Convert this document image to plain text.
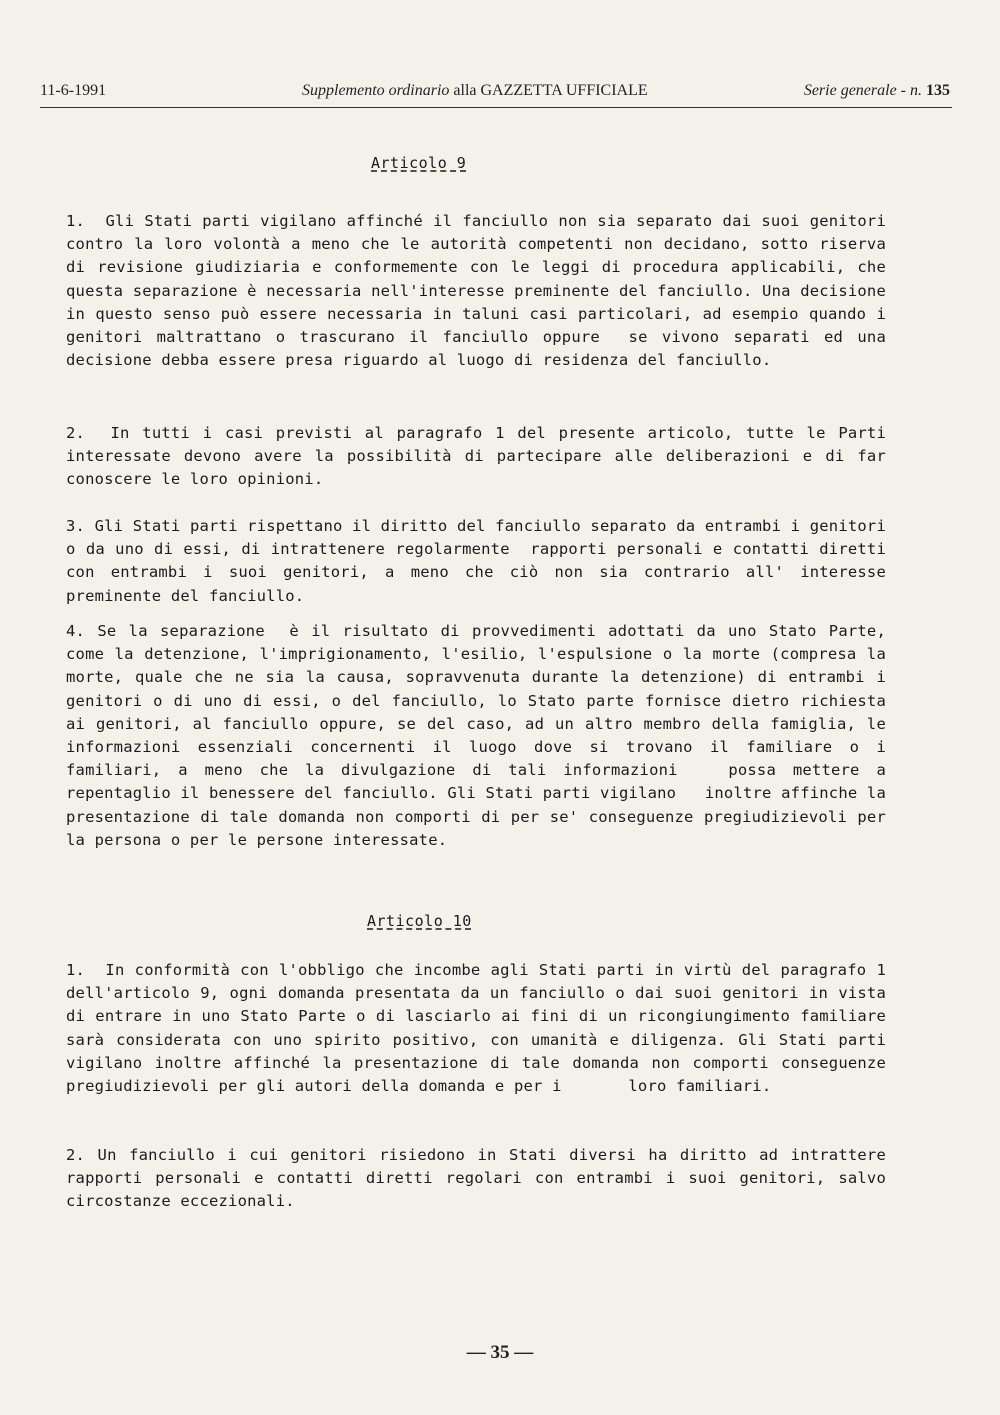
11-6-1991	Supplemento ordinario alla GAZZETTA UFFICIALE	Serie generale - n. 135
Articolo 9
1.  Gli Stati parti vigilano affinché il fanciullo non sia separato dai suoi genitori contro la loro volontà a meno che le autorità competenti non decidano, sotto riserva di revisione giudiziaria e conformemente con le leggi di procedura applicabili, che questa separazione è necessaria nell'interesse preminente del fanciullo. Una decisione in questo senso può essere necessaria in taluni casi particolari, ad esempio quando i genitori maltrattano o trascurano il fanciullo oppure  se vivono separati ed una decisione debba essere presa riguardo al luogo di residenza del fanciullo.
2.  In tutti i casi previsti al paragrafo 1 del presente articolo, tutte le Parti interessate devono avere la possibilità di partecipare alle deliberazioni e di far conoscere le loro opinioni.
3. Gli Stati parti rispettano il diritto del fanciullo separato da entrambi i genitori o da uno di essi, di intrattenere regolarmente  rapporti personali e contatti diretti con entrambi i suoi genitori, a meno che ciò non sia contrario all' interesse preminente del fanciullo.
4. Se la separazione  è il risultato di provvedimenti adottati da uno Stato Parte, come la detenzione, l'imprigionamento, l'esilio, l'espulsione o la morte (compresa la morte, quale che ne sia la causa, sopravvenuta durante la detenzione) di entrambi i genitori o di uno di essi, o del fanciullo, lo Stato parte fornisce dietro richiesta ai genitori, al fanciullo oppure, se del caso, ad un altro membro della famiglia, le informazioni essenziali concernenti il luogo dove si trovano il familiare o i familiari, a meno che la divulgazione di tali informazioni   possa mettere a repentaglio il benessere del fanciullo. Gli Stati parti vigilano   inoltre affinche la presentazione di tale domanda non comporti di per se' conseguenze pregiudizievoli per la persona o per le persone interessate.
Articolo 10
1.  In conformità con l'obbligo che incombe agli Stati parti in virtù del paragrafo 1 dell'articolo 9, ogni domanda presentata da un fanciullo o dai suoi genitori in vista di entrare in uno Stato Parte o di lasciarlo ai fini di un ricongiungimento familiare sarà considerata con uno spirito positivo, con umanità e diligenza. Gli Stati parti vigilano inoltre affinché la presentazione di tale domanda non comporti conseguenze pregiudizievoli per gli autori della domanda e per i       loro familiari.
2. Un fanciullo i cui genitori risiedono in Stati diversi ha diritto ad intrattere rapporti personali e contatti diretti regolari con entrambi i suoi genitori, salvo circostanze eccezionali.
— 35 —
